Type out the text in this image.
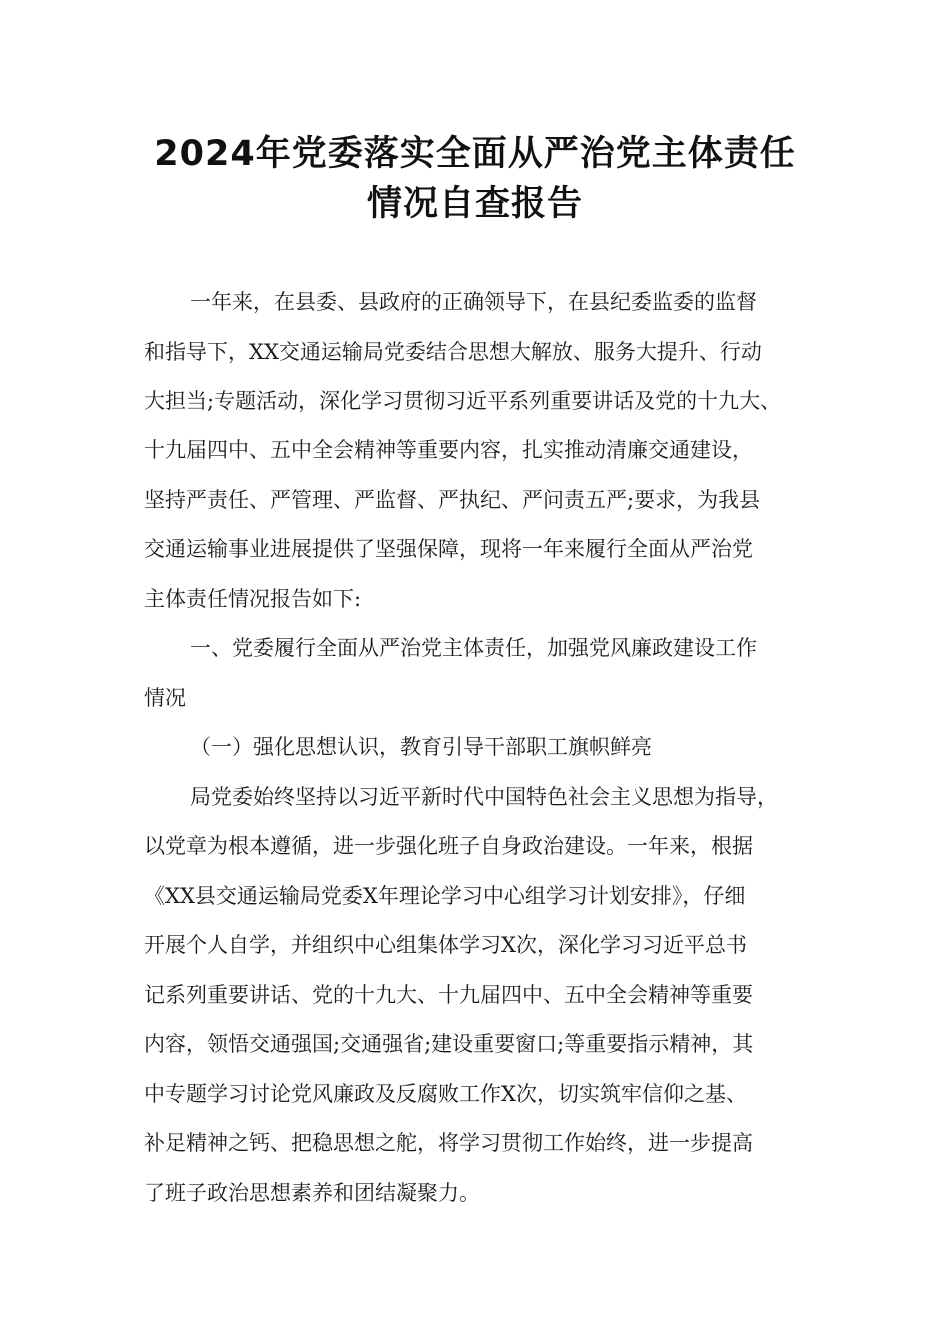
2024年党委落实全面从严治党主体责任
情况自查报告

一年来，在县委、县政府的正确领导下，在县纪委监委的监督

和指导下，XX交通运输局党委结合思想大解放、服务大提升、行动

大担当;专题活动，深化学习贯彻习近平系列重要讲话及党的十九大、

十九届四中、五中全会精神等重要内容，扎实推动清廉交通建设，

坚持严责任、严管理、严监督、严执纪、严问责五严;要求，为我县

交通运输事业进展提供了坚强保障，现将一年来履行全面从严治党

主体责任情况报告如下:

一、党委履行全面从严治党主体责任，加强党风廉政建设工作

情况

（一）强化思想认识，教育引导干部职工旗帜鲜亮

局党委始终坚持以习近平新时代中国特色社会主义思想为指导，

以党章为根本遵循，进一步强化班子自身政治建设。一年来，根据

《XX县交通运输局党委X年理论学习中心组学习计划安排》，仔细

开展个人自学，并组织中心组集体学习X次，深化学习习近平总书

记系列重要讲话、党的十九大、十九届四中、五中全会精神等重要

内容，领悟交通强国;交通强省;建设重要窗口;等重要指示精神，其

中专题学习讨论党风廉政及反腐败工作X次，切实筑牢信仰之基、

补足精神之钙、把稳思想之舵，将学习贯彻工作始终，进一步提高

了班子政治思想素养和团结凝聚力。
